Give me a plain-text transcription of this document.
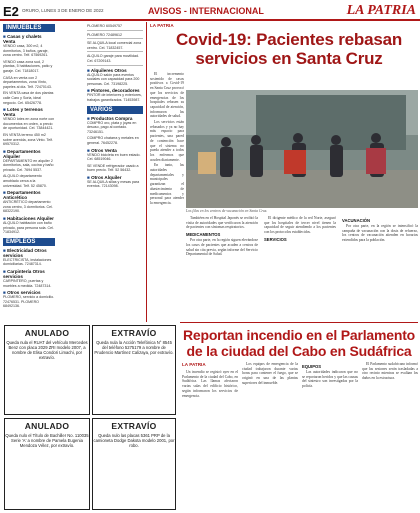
E2 ORURO, LUNES 3 DE ENERO DE 2022	AVISOS - INTERNACIONAL	LA PATRIA
INMUEBLES
■ Casas y chalets Venta
VENDO casa, 300 m2, 4 dormitorios, 3 baños, garaje, zona centro. Telf. 67569261.
VENDO casa zona sud, 2 plantas, 5 habitaciones, patio y garaje. Cel. 71818017.
CASA en venta con 2 departamentos, zona Vinto, papeles al día. Telf. 72470143.
EN VENTA casa de dos plantas calle Caro y Soria, ideal negocio. Cel. 65426778.
■ Lotes y terrenos Venta
VENDO lotes en zona norte con documentos en orden, a precio de oportunidad. Cel. 73844421.
EN VENTA terreno 450 m2 sobre avenida, zona Vinto. Telf. 69570312.
■ Departamentos Alquiler
DEPARTAMENTO en alquiler 2 dormitorios, sala, cocina y baño privado. Cel. 7694 5537.
ALQUILO departamento amoblado cerca a la universidad. Telf. 52 45870.
■ Departamentos Anticrético
ANTICRÉTICO departamento zona centro, 3 dormitorios. Cel. 68322190.
■ Habitaciones Alquiler
ALQUILO habitación con baño privado, para persona sola. Cel. 71834912.
EMPLEOS
■ Electricidad Otros servicios
ELECTRICISTA, instalaciones domiciliarias. 72487314.
■ Carpintería Otros servicios
CARPINTERO, puertas y muebles a medida. 72487314.
■ Otros servicios
PLOMERO, servicio a domicilio. 72476531. PLOMERO 68492136.
PLOMERO 60549757
PLOMERO 72489612
SE ALQUILA local comercial zona centro. Cel. 71832457.
ALQUILO garaje para movilidad. Cel. 67209143.
■ Alquileres Otros
ALQUILO salón para eventos sociales con capacidad para 200 personas. Cel. 73198225.
■ Pintores, decoradores
PINTOR de interiores y exteriores, trabajos garantizados. 71453987.
VARIOS
■ Productos Compra
COMPRO oro, plata y joyas en desuso, pago al contado. 73246151.
COMPRO chatarra y metales en general. 76452278.
■ Otros Venta
VENDO bicicleta en buen estado. Cel. 68519046.
SE VENDE refrigerador usado a buen precio. Telf. 52 56432.
■ Otros Alquiler
SE ALQUILA sillas y mesas para eventos. 72143098.
ANULADO
Queda nula el RUAT del vehículo Mercedes Benz con placa 2029 ZRI modelo 2007, a nombre de Elisa Condori Limachi, por extravío.
EXTRAVÍO
Queda nula la Acción Telefónica N° 8545 del teléfono 5275179 a nombre de Prudencio Martínez Calizaya, por extravío.
ANULADO
Queda nulo el Título de Bachiller No. 110035 Serie 'A' a nombre de Pamela Eugenia Mendoza Vélez, por extravío.
EXTRAVÍO
Queda nulo las placas 5361 PRP de la camioneta Dodge Dakota modelo 2001, por robo.
LA PATRIA
Covid-19: Pacientes rebasan
servicios en Santa Cruz

El incremento sostenido de casos positivos a Covid-19 en Santa Cruz provocó que los servicios de emergencias de los hospitales rebasen su capacidad de atención, informaron las autoridades de salud.

Los servicios están rebasados y ya no hay más espacio para pacientes, una pared de contención hace que el sistema no pueda atender a todos los enfermos que acuden diariamente.

En tanto, las autoridades departamentales y municipales garantizan el abastecimiento de medicamentos y personal para atender la emergencia.

Los filas en los centros de vacunación en Santa Cruz.

Tambiéen en el Hospital Japonés se recibió la visita de autoridades que verificaron la atención de pacientes con síntomas respiratorios.

MEDICAMENTOS

Por otra parte, en la región siguen elevándose los casos de pacientes que acuden a centros de salud sin cita previa, según informe del Servicio Departamental de Salud.

El dirigente médico de la red Norte, aseguró que los hospitales de tercer nivel tienen la capacidad de seguir atendiendo a los pacientes con los protocolos establecidos.

SERVICIOS
VACUNACIÓN

Por otra parte, en la región se intensificó la campaña de vacunación con la dosis de refuerzo, los centros de vacunación atienden en horarios extendidos para la población.

Reportan incendio en el Parlamento
de la ciudad del Cabo en Sudáfrica
LA PATRIA

Un incendio se registró ayer en el Parlamento de la ciudad del Cabo, en Sudáfrica. Las llamas afectaron varias salas del edificio histórico, según informaron los servicios de emergencia.

Los equipos de emergencia de la ciudad trabajaron durante varias horas para contener el fuego, que se originó en una de las plantas superiores del inmueble.

EQUIPOS

Las autoridades indicaron que no se reportaron heridos y que las causas del siniestro son investigadas por la policía.

El Parlamento sudafricano informó que las sesiones serán trasladadas a otro recinto mientras se evalúan los daños en la estructura.
